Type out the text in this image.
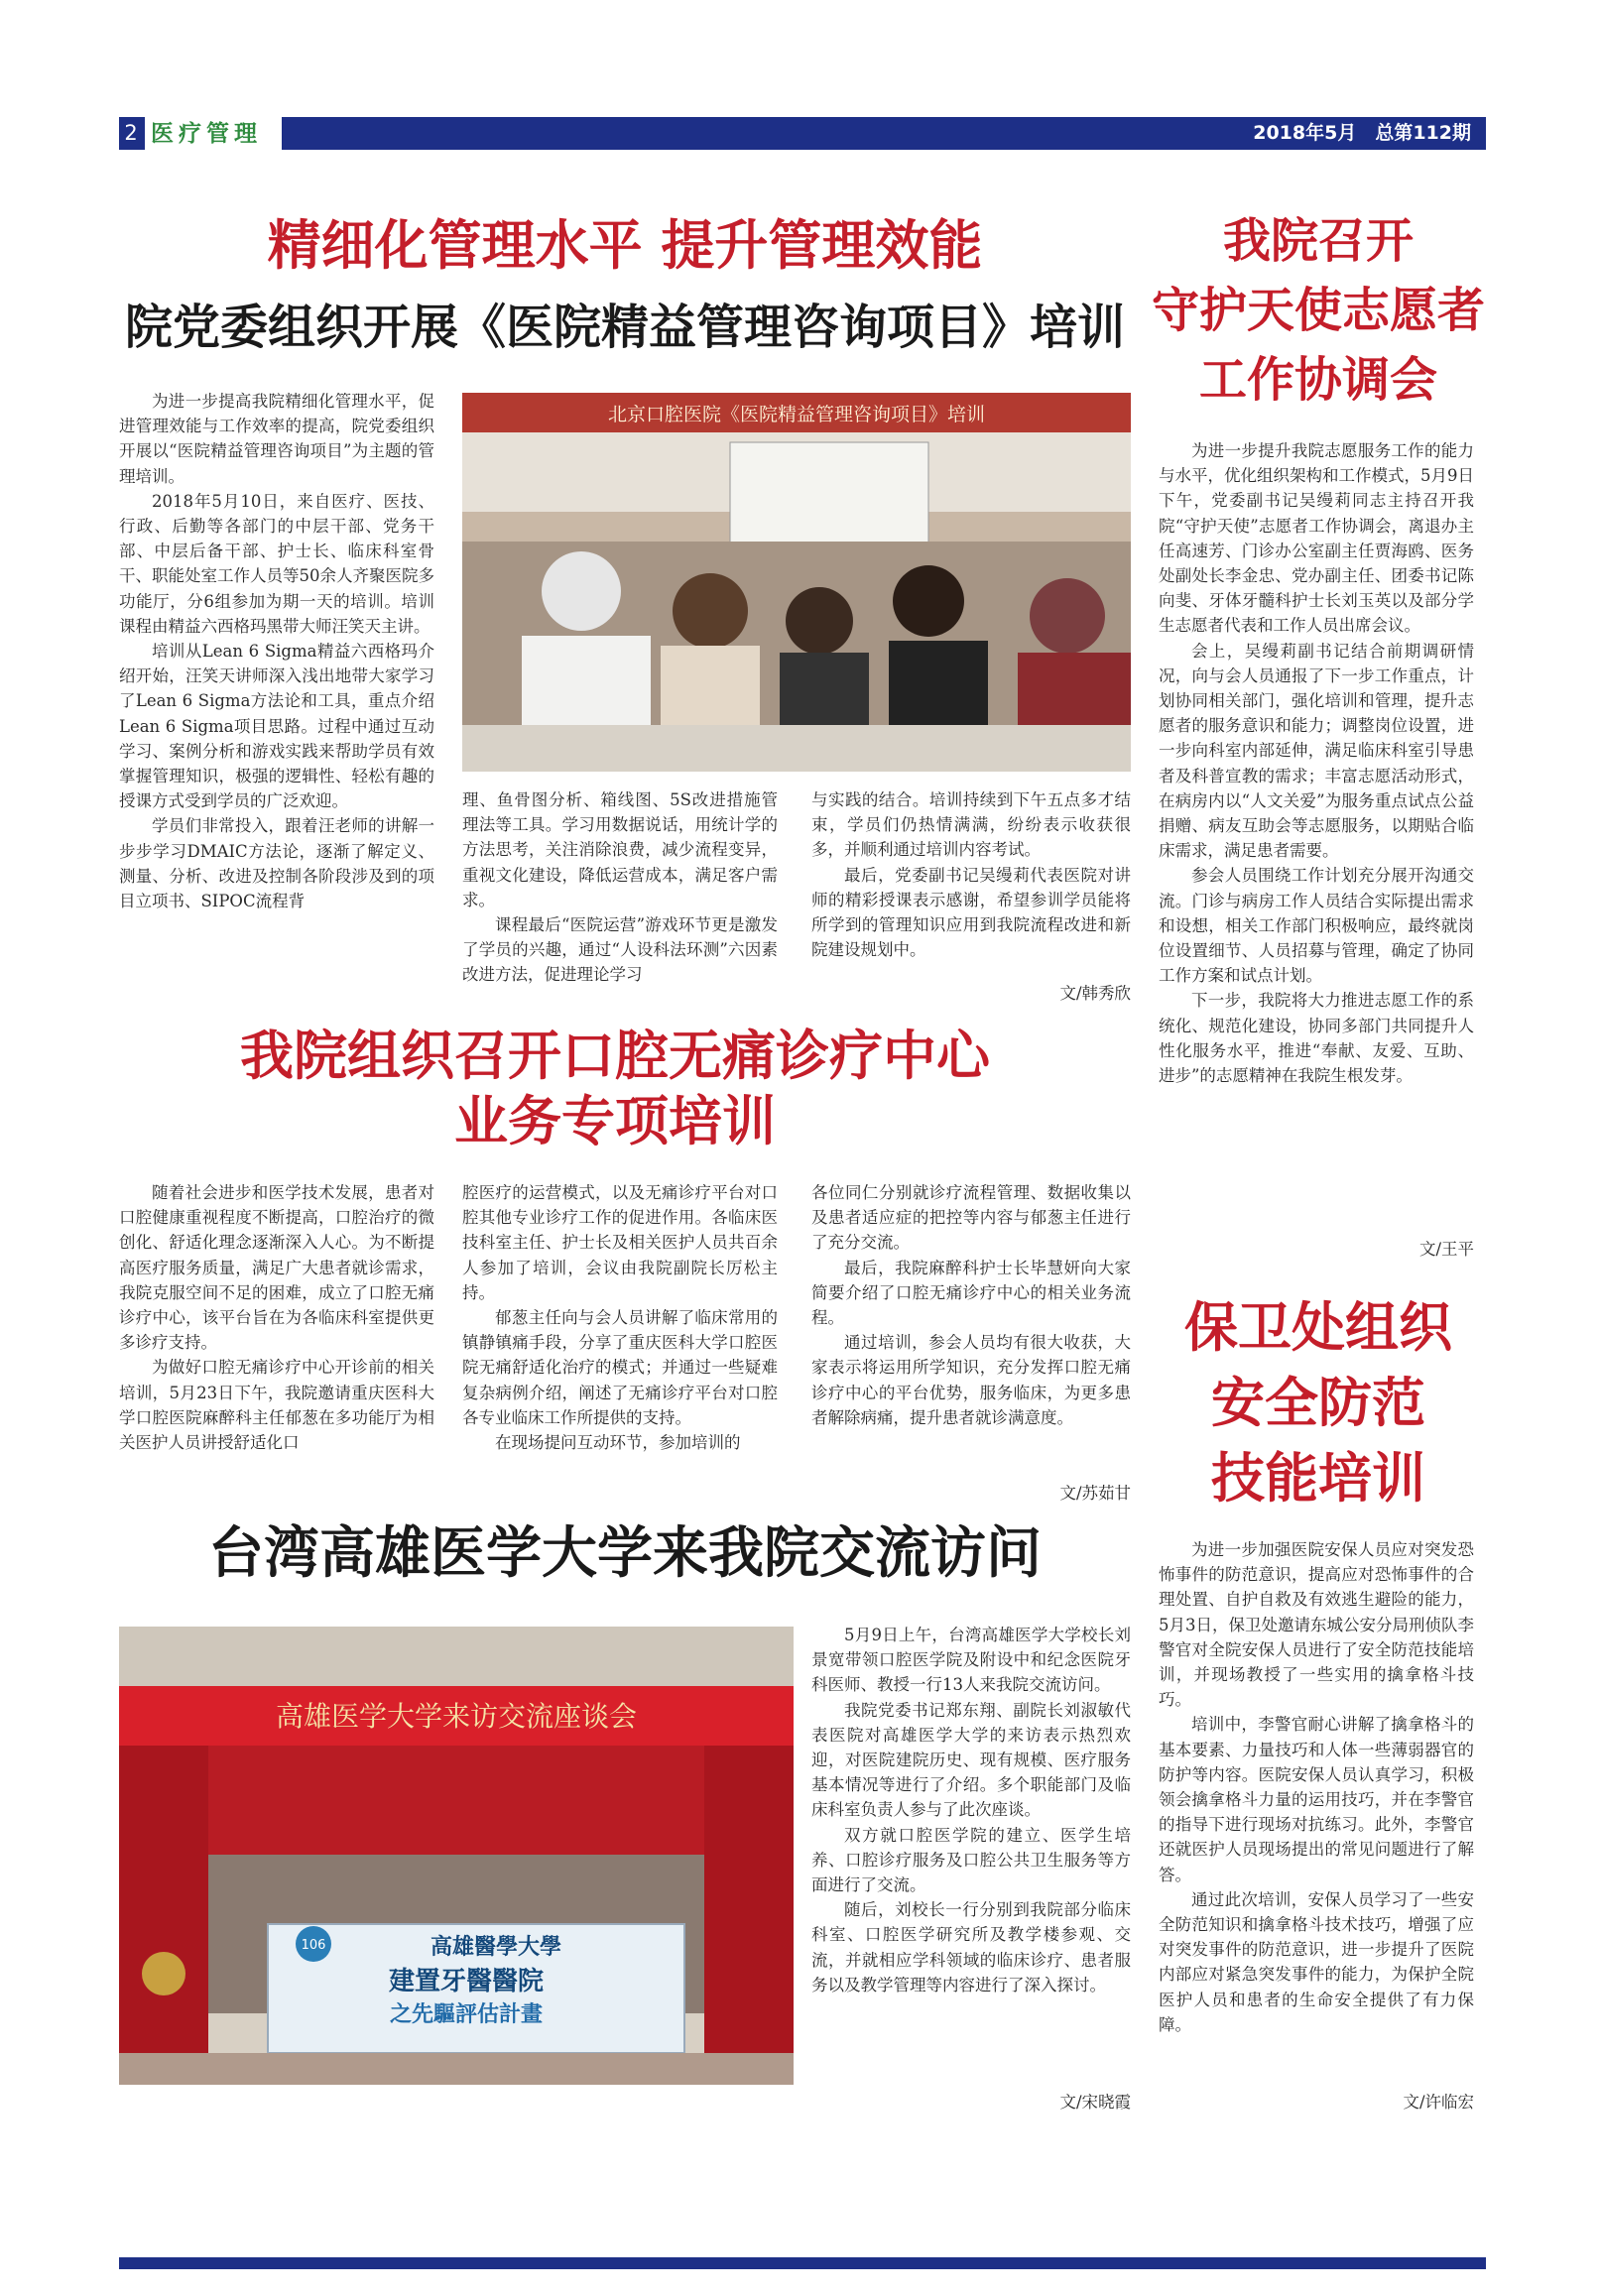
2 医疗管理	2018年5月　总第112期
精细化管理水平 提升管理效能
院党委组织开展《医院精益管理咨询项目》培训

为进一步提高我院精细化管理水平，促进管理效能与工作效率的提高，院党委组织开展以“医院精益管理咨询项目”为主题的管理培训。

2018年5月10日，来自医疗、医技、行政、后勤等各部门的中层干部、党务干部、中层后备干部、护士长、临床科室骨干、职能处室工作人员等50余人齐聚医院多功能厅，分6组参加为期一天的培训。培训课程由精益六西格玛黑带大师汪笑天主讲。

培训从Lean 6 Sigma精益六西格玛介绍开始，汪笑天讲师深入浅出地带大家学习了Lean 6 Sigma方法论和工具，重点介绍Lean 6 Sigma项目思路。过程中通过互动学习、案例分析和游戏实践来帮助学员有效掌握管理知识，极强的逻辑性、轻松有趣的授课方式受到学员的广泛欢迎。

学员们非常投入，跟着汪老师的讲解一步步学习DMAIC方法论，逐渐了解定义、测量、分析、改进及控制各阶段涉及到的项目立项书、SIPOC流程背

北京口腔医院《医院精益管理咨询项目》培训

理、鱼骨图分析、箱线图、5S改进措施管理法等工具。学习用数据说话，用统计学的方法思考，关注消除浪费，减少流程变异，重视文化建设，降低运营成本，满足客户需求。

课程最后“医院运营”游戏环节更是激发了学员的兴趣，通过“人设科法环测”六因素改进方法，促进理论学习

与实践的结合。培训持续到下午五点多才结束，学员们仍热情满满，纷纷表示收获很多，并顺利通过培训内容考试。

最后，党委副书记吴缦莉代表医院对讲师的精彩授课表示感谢，希望参训学员能将所学到的管理知识应用到我院流程改进和新院建设规划中。

文/韩秀欣
我院组织召开口腔无痛诊疗中心
业务专项培训

随着社会进步和医学技术发展，患者对口腔健康重视程度不断提高，口腔治疗的微创化、舒适化理念逐渐深入人心。为不断提高医疗服务质量，满足广大患者就诊需求，我院克服空间不足的困难，成立了口腔无痛诊疗中心，该平台旨在为各临床科室提供更多诊疗支持。

为做好口腔无痛诊疗中心开诊前的相关培训，5月23日下午，我院邀请重庆医科大学口腔医院麻醉科主任郁葱在多功能厅为相关医护人员讲授舒适化口

腔医疗的运营模式，以及无痛诊疗平台对口腔其他专业诊疗工作的促进作用。各临床医技科室主任、护士长及相关医护人员共百余人参加了培训，会议由我院副院长厉松主持。

郁葱主任向与会人员讲解了临床常用的镇静镇痛手段，分享了重庆医科大学口腔医院无痛舒适化治疗的模式；并通过一些疑难复杂病例介绍，阐述了无痛诊疗平台对口腔各专业临床工作所提供的支持。

在现场提问互动环节，参加培训的

各位同仁分别就诊疗流程管理、数据收集以及患者适应症的把控等内容与郁葱主任进行了充分交流。

最后，我院麻醉科护士长毕慧妍向大家简要介绍了口腔无痛诊疗中心的相关业务流程。

通过培训，参会人员均有很大收获，大家表示将运用所学知识，充分发挥口腔无痛诊疗中心的平台优势，服务临床，为更多患者解除病痛，提升患者就诊满意度。

文/苏茹甘
台湾高雄医学大学来我院交流访问
高雄医学大学来访交流座谈会
106	高雄醫學大學
建置牙醫醫院
之先驅評估計畫

5月9日上午，台湾高雄医学大学校长刘景宽带领口腔医学院及附设中和纪念医院牙科医师、教授一行13人来我院交流访问。

我院党委书记郑东翔、副院长刘淑敏代表医院对高雄医学大学的来访表示热烈欢迎，对医院建院历史、现有规模、医疗服务基本情况等进行了介绍。多个职能部门及临床科室负责人参与了此次座谈。

双方就口腔医学院的建立、医学生培养、口腔诊疗服务及口腔公共卫生服务等方面进行了交流。

随后，刘校长一行分别到我院部分临床科室、口腔医学研究所及教学楼参观、交流，并就相应学科领域的临床诊疗、患者服务以及教学管理等内容进行了深入探讨。

文/宋晓霞
我院召开
守护天使志愿者
工作协调会

为进一步提升我院志愿服务工作的能力与水平，优化组织架构和工作模式，5月9日下午，党委副书记吴缦莉同志主持召开我院“守护天使”志愿者工作协调会，离退办主任高速芳、门诊办公室副主任贾海鸥、医务处副处长李金忠、党办副主任、团委书记陈向斐、牙体牙髓科护士长刘玉英以及部分学生志愿者代表和工作人员出席会议。

会上，吴缦莉副书记结合前期调研情况，向与会人员通报了下一步工作重点，计划协同相关部门，强化培训和管理，提升志愿者的服务意识和能力；调整岗位设置，进一步向科室内部延伸，满足临床科室引导患者及科普宣教的需求；丰富志愿活动形式，在病房内以“人文关爱”为服务重点试点公益捐赠、病友互助会等志愿服务，以期贴合临床需求，满足患者需要。

参会人员围绕工作计划充分展开沟通交流。门诊与病房工作人员结合实际提出需求和设想，相关工作部门积极响应，最终就岗位设置细节、人员招募与管理，确定了协同工作方案和试点计划。

下一步，我院将大力推进志愿工作的系统化、规范化建设，协同多部门共同提升人性化服务水平，推进“奉献、友爱、互助、进步”的志愿精神在我院生根发芽。

文/王平
保卫处组织
安全防范
技能培训

为进一步加强医院安保人员应对突发恐怖事件的防范意识，提高应对恐怖事件的合理处置、自护自救及有效逃生避险的能力，5月3日，保卫处邀请东城公安分局刑侦队李警官对全院安保人员进行了安全防范技能培训，并现场教授了一些实用的擒拿格斗技巧。

培训中，李警官耐心讲解了擒拿格斗的基本要素、力量技巧和人体一些薄弱器官的防护等内容。医院安保人员认真学习，积极领会擒拿格斗力量的运用技巧，并在李警官的指导下进行现场对抗练习。此外，李警官还就医护人员现场提出的常见问题进行了解答。

通过此次培训，安保人员学习了一些安全防范知识和擒拿格斗技术技巧，增强了应对突发事件的防范意识，进一步提升了医院内部应对紧急突发事件的能力，为保护全院医护人员和患者的生命安全提供了有力保障。

文/许临宏
